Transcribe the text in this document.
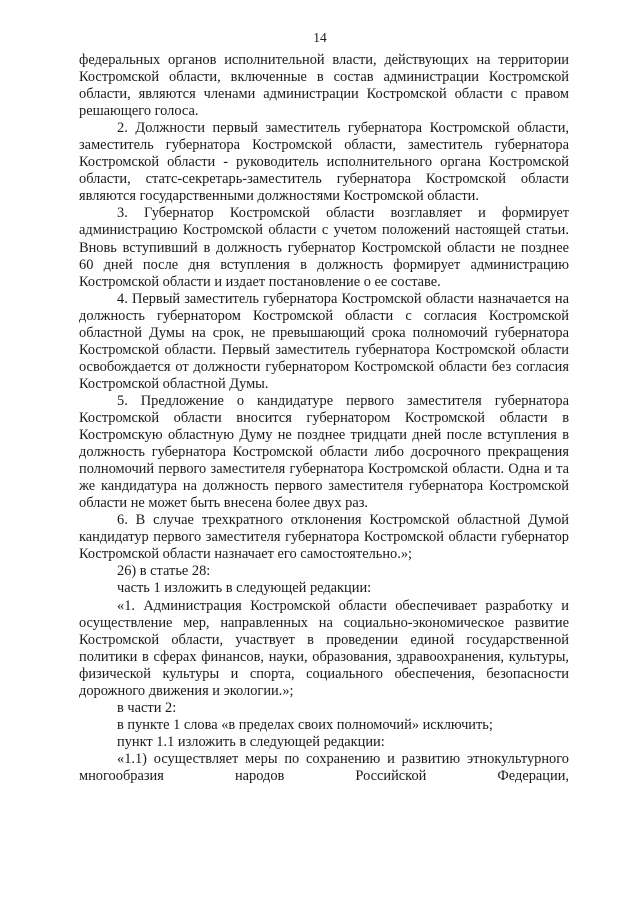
14

федеральных органов исполнительной власти, действующих на территории Костромской области, включенные в состав администрации Костромской области, являются членами администрации Костромской области с правом решающего голоса.

2. Должности первый заместитель губернатора Костромской области, заместитель губернатора Костромской области, заместитель губернатора Костромской области - руководитель исполнительного органа Костромской области, статс-секретарь-заместитель губернатора Костромской области являются государственными должностями Костромской области.

3. Губернатор Костромской области возглавляет и формирует администрацию Костромской области с учетом положений настоящей статьи. Вновь вступивший в должность губернатор Костромской области не позднее 60 дней после дня вступления в должность формирует администрацию Костромской области и издает постановление о ее составе.

4. Первый заместитель губернатора Костромской области назначается на должность губернатором Костромской области с согласия Костромской областной Думы на срок, не превышающий срока полномочий губернатора Костромской области. Первый заместитель губернатора Костромской области освобождается от должности губернатором Костромской области без согласия Костромской областной Думы.

5. Предложение о кандидатуре первого заместителя губернатора Костромской области вносится губернатором Костромской области в Костромскую областную Думу не позднее тридцати дней после вступления в должность губернатора Костромской области либо досрочного прекращения полномочий первого заместителя губернатора Костромской области. Одна и та же кандидатура на должность первого заместителя губернатора Костромской области не может быть внесена более двух раз.

6. В случае трехкратного отклонения Костромской областной Думой кандидатур первого заместителя губернатора Костромской области губернатор Костромской области назначает его самостоятельно.»;

26) в статье 28:

часть 1 изложить в следующей редакции:

«1. Администрация Костромской области обеспечивает разработку и осуществление мер, направленных на социально-экономическое развитие Костромской области, участвует в проведении единой государственной политики в сферах финансов, науки, образования, здравоохранения, культуры, физической культуры и спорта, социального обеспечения, безопасности дорожного движения и экологии.»;

в части 2:

в пункте 1 слова «в пределах своих полномочий» исключить;

пункт 1.1 изложить в следующей редакции:

«1.1) осуществляет меры по сохранению и развитию этнокультурного многообразия народов Российской Федерации,
